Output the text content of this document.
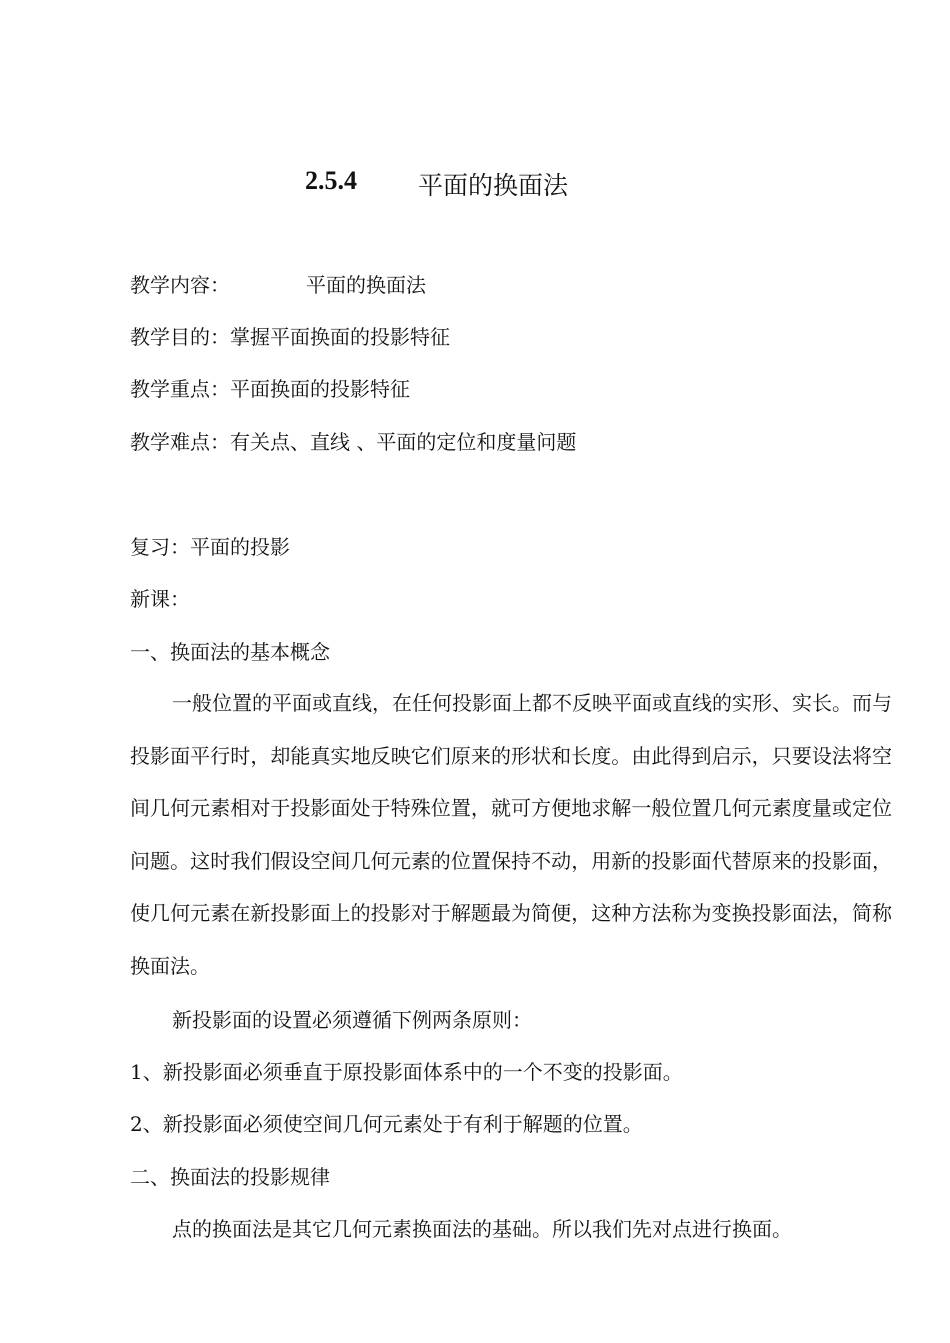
2.5.4 平面的换面法
教学内容：	平面的换面法
教学目的：掌握平面换面的投影特征
教学重点：平面换面的投影特征
教学难点：有关点、直线 、平面的定位和度量问题
复习：平面的投影
新课：
一、换面法的基本概念
一般位置的平面或直线，在任何投影面上都不反映平面或直线的实形、实长。而与投影面平行时，却能真实地反映它们原来的形状和长度。由此得到启示，只要设法将空间几何元素相对于投影面处于特殊位置，就可方便地求解一般位置几何元素度量或定位问题。这时我们假设空间几何元素的位置保持不动，用新的投影面代替原来的投影面，使几何元素在新投影面上的投影对于解题最为简便，这种方法称为变换投影面法，简称换面法。
新投影面的设置必须遵循下例两条原则：
1、新投影面必须垂直于原投影面体系中的一个不变的投影面。
2、新投影面必须使空间几何元素处于有利于解题的位置。
二、换面法的投影规律
点的换面法是其它几何元素换面法的基础。所以我们先对点进行换面。
